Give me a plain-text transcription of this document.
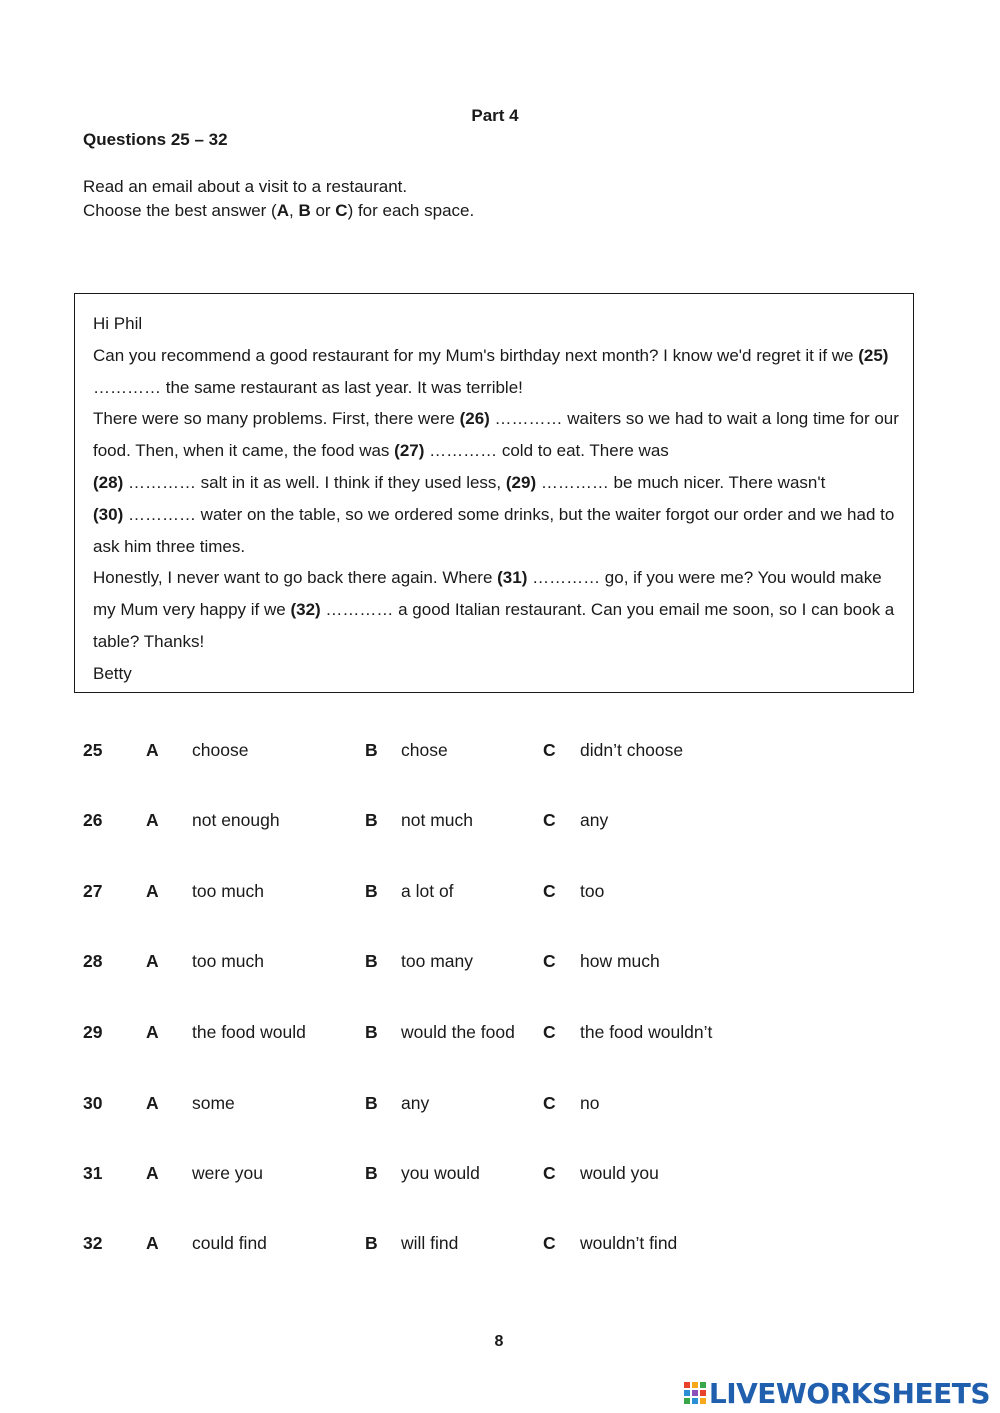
Part 4
Questions 25 – 32
Read an email about a visit to a restaurant.
Choose the best answer (A, B or C) for each space.

Hi Phil

Can you recommend a good restaurant for my Mum's birthday next month? I know we'd regret it if we (25) ………… the same restaurant as last year. It was terrible!

There were so many problems. First, there were (26) ………… waiters so we had to wait a long time for our food. Then, when it came, the food was (27) ………… cold to eat. There was
(28) ………… salt in it as well. I think if they used less, (29) ………… be much nicer. There wasn't
(30) ………… water on the table, so we ordered some drinks, but the waiter forgot our order and we had to ask him three times.

Honestly, I never want to go back there again. Where (31) ………… go, if you were me? You would make my Mum very happy if we (32) ………… a good Italian restaurant. Can you email me soon, so I can book a table? Thanks!

Betty

25 A choose	B chose	C didn’t choose
26 A not enough	B not much	C any
27 A too much	B a lot of	C too
28 A too much	B too many	C how much
29 A the food would	B would the food C the food wouldn’t
30 A some	B any	C no
31 A were you	B you would	C would you
32 A could find	B will find	C wouldn’t find
8
LIVEWORKSHEETS
